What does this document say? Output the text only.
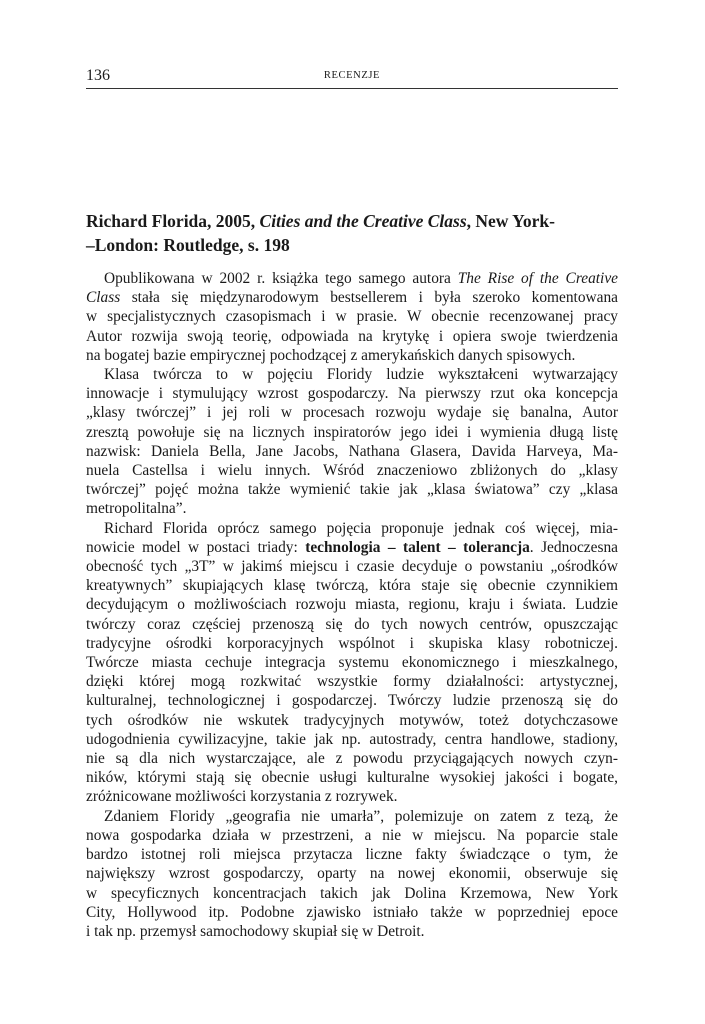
136	RECENZJE
Richard Florida, 2005, Cities and the Creative Class, New York-
–London: Routledge, s. 198
Opublikowana w 2002 r. książka tego samego autora The Rise of the Creative
Class stała się międzynarodowym bestsellerem i była szeroko komentowana
w specjalistycznych czasopismach i w prasie. W obecnie recenzowanej pracy
Autor rozwija swoją teorię, odpowiada na krytykę i opiera swoje twierdzenia
na bogatej bazie empirycznej pochodzącej z amerykańskich danych spisowych.
Klasa twórcza to w pojęciu Floridy ludzie wykształceni wytwarzający
innowacje i stymulujący wzrost gospodarczy. Na pierwszy rzut oka koncepcja
„klasy twórczej” i jej roli w procesach rozwoju wydaje się banalna, Autor
zresztą powołuje się na licznych inspiratorów jego idei i wymienia długą listę
nazwisk: Daniela Bella, Jane Jacobs, Nathana Glasera, Davida Harveya, Ma-
nuela Castellsa i wielu innych. Wśród znaczeniowo zbliżonych do „klasy
twórczej” pojęć można także wymienić takie jak „klasa światowa” czy „klasa
metropolitalna”.
Richard Florida oprócz samego pojęcia proponuje jednak coś więcej, mia-
nowicie model w postaci triady: technologia – talent – tolerancja. Jednoczesna
obecność tych „3T” w jakimś miejscu i czasie decyduje o powstaniu „ośrodków
kreatywnych” skupiających klasę twórczą, która staje się obecnie czynnikiem
decydującym o możliwościach rozwoju miasta, regionu, kraju i świata. Ludzie
twórczy coraz częściej przenoszą się do tych nowych centrów, opuszczając
tradycyjne ośrodki korporacyjnych wspólnot i skupiska klasy robotniczej.
Twórcze miasta cechuje integracja systemu ekonomicznego i mieszkalnego,
dzięki której mogą rozkwitać wszystkie formy działalności: artystycznej,
kulturalnej, technologicznej i gospodarczej. Twórczy ludzie przenoszą się do
tych ośrodków nie wskutek tradycyjnych motywów, toteż dotychczasowe
udogodnienia cywilizacyjne, takie jak np. autostrady, centra handlowe, stadiony,
nie są dla nich wystarczające, ale z powodu przyciągających nowych czyn-
ników, którymi stają się obecnie usługi kulturalne wysokiej jakości i bogate,
zróżnicowane możliwości korzystania z rozrywek.
Zdaniem Floridy „geografia nie umarła”, polemizuje on zatem z tezą, że
nowa gospodarka działa w przestrzeni, a nie w miejscu. Na poparcie stale
bardzo istotnej roli miejsca przytacza liczne fakty świadczące o tym, że
największy wzrost gospodarczy, oparty na nowej ekonomii, obserwuje się
w specyficznych koncentracjach takich jak Dolina Krzemowa, New York
City, Hollywood itp. Podobne zjawisko istniało także w poprzedniej epoce
i tak np. przemysł samochodowy skupiał się w Detroit.
